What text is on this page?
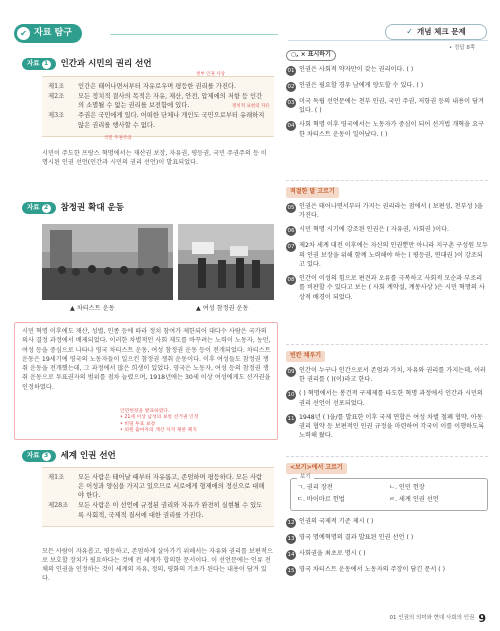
✔ 자료 탐구	✓ 개념 체크 문제
• 정답 8쪽
자료 1 인간과 시민의 권리 선언
제1조	인간은 태어나면서부터 자유로우며 평등한 권리를 가진다.
제2조	모든 정치적 결사의 목적은 자유, 재산, 안전, 압제에의 저항 등 인간의 소멸될 수 없는 권리를 보전함에 있다.
제3조	주권은 국민에게 있다. 어떠한 단체나 개인도 국민으로부터 유래하지 않은 권리를 행사할 수 없다.
천부 인권 사상
정치적 표현의 자유
국민 주권주의
시민이 주도한 프랑스 혁명에서는 재산권 보장, 자유권, 평등권, 국민 주권주의 등 이 명시된 인권 선언(인간과 시민의 권리 선언)이 발표되었다.
자료 2 참정권 확대 운동
▲ 차티스트 운동	▲ 여성 참정권 운동
시민 혁명 이후에도 재산, 성별, 인종 등에 따라 정치 참여가 제한되어 대다수 사람은 국가의 의사 결정 과정에서 배제되었다. 이러한 차별적인 사회 제도를 바꾸려는 노력이 노동자, 농민, 여성 등을 중심으로 나타나 영국 차티스트 운동, 여성 참정권 운동 등이 전개되었다. 차티스트 운동은 19세기에 영국의 노동자들이 일으킨 참정권 쟁취 운동이다. 이후 여성들도 참정권 쟁취 운동을 전개했는데, 그 과정에서 많은 희생이 있었다. 영국은 노동자, 여성 등의 참정권 쟁취 운동으로 투표권자의 범위를 점차 늘렸으며, 1918년에는 30세 이상 여성에게도 선거권을 인정하였다.
인민헌장을 발표하였다.
• 21세 이상 남성의 보통 선거권 인정
• 비밀 투표 보장
• 의원 출마자의 재산 자격 제한 폐지
자료 3 세계 인권 선언
제1조	모든 사람은 태어날 때부터 자유롭고, 존엄하며 평등하다. 모든 사람은 이성과 양심을 가지고 있으므로 서로에게 형제애의 정신으로 대해야 한다.
제28조	모든 사람은 이 선언에 규정된 권리와 자유가 완전히 실현될 수 있도록 사회적, 국제적 질서에 대한 권리를 가진다.
모든 사람이 자유롭고, 평등하고, 존엄하게 살아가기 위해서는 자유와 권리를 보편적으로 보호할 장치가 필요하다는 것에 전 세계가 합의한 문서이다. 이 선언문에는 인류 전체의 인권을 인정하는 것이 세계의 자유, 정의, 평화의 기초가 된다는 내용이 담겨 있다.
○, × 표시하기
01 인권은 사회적 약자만이 갖는 권리이다. ( )
02 인권은 필요할 경우 남에게 양도할 수 있다. ( )
03 미국 독립 선언문에는 천부 인권, 국민 주권, 저항권 등의 내용이 담겨 있다. ( )
04 사회 혁명 이후 영국에서는 노동자가 중심이 되어 선거법 개혁을 요구한 차티스트 운동이 일어났다. ( )
적절한 말 고르기
05 인권은 태어나면서부터 가지는 권리라는 점에서 ( 보편성, 천부성 )을 가진다.
06 시민 혁명 시기에 강조된 인권은 ( 자유권, 사회권 )이다.
07 제2차 세계 대전 이후에는 자신의 인권뿐만 아니라 지구촌 구성원 모두의 인권 보장을 위해 함께 노력해야 하는 ( 평등권, 연대권 )이 강조되고 있다.
08 인간이 이성의 힘으로 편견과 오류를 극복하고 사회적 모순과 부조리를 비판할 수 있다고 보는 ( 사회 계약설, 계몽사상 )은 시민 혁명의 사상적 배경이 되었다.
빈칸 채우기
09 인간이 누구나 인간으로서 존엄과 가치, 자유와 권리를 가지는데, 이러한 권리를 ( )(이)라고 한다.
10 ( ) 혁명에서는 봉건적 구제제를 타도한 혁명 과정에서 인간과 시민의 권리 선언이 선포되었다.
11 1948년 ( )을/를 발표한 이후 국제 연합은 여성 차별 철폐 협약, 아동 권리 협약 등 보편적인 인권 규정을 마련하여 각국이 이를 이행하도록 노력해 왔다.
<보기>에서 고르기
보기
ㄱ. 권리 장전	ㄴ. 인민 헌장
ㄷ. 바이마르 헌법	ㄹ. 세계 인권 선언
12 인권의 국제적 기준 제시 ( )
13 영국 명예혁명의 결과 발표된 인권 선언 ( )
14 사회권을 최초로 명시 ( )
15 영국 차티스트 운동에서 노동자의 주장이 담긴 문서 ( )
01 인권의 의미와 현대 사회의 인권 9
